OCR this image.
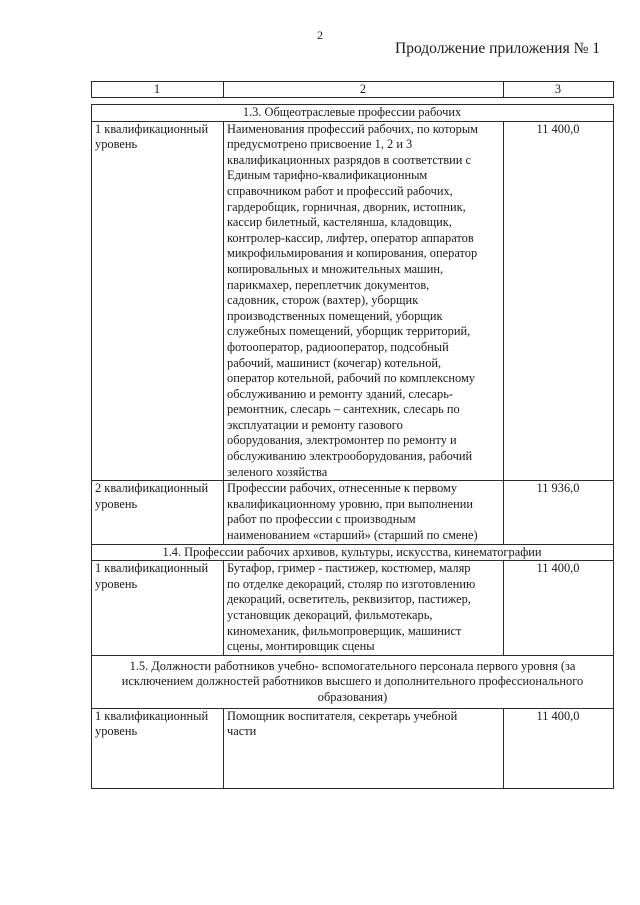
2
Продолжение приложения № 1
1	2	3

1.3. Общеотраслевые профессии рабочих		
1 квалификационный уровень	Наименования профессий рабочих, по которым предусмотрено присвоение 1, 2 и 3 квалификационных разрядов в соответствии с Единым тарифно-квалификационным справочником работ и профессий рабочих, гардеробщик, горничная, дворник, истопник, кассир билетный, кастелянша, кладовщик, контролер-кассир, лифтер, оператор аппаратов микрофильмирования и копирования, оператор копировальных и множительных машин, парикмахер, переплетчик документов, садовник, сторож (вахтер), уборщик производственных помещений, уборщик служебных помещений, уборщик территорий, фотооператор, радиооператор, подсобный рабочий, машинист (кочегар) котельной, оператор котельной, рабочий по комплексному обслуживанию и ремонту зданий, слесарь-ремонтник, слесарь – сантехник, слесарь по эксплуатации и ремонту газового оборудования, электромонтер по ремонту и обслуживанию электрооборудования, рабочий зеленого хозяйства	11 400,0
2 квалификационный уровень	Профессии рабочих, отнесенные к первому квалификационному уровню, при выполнении работ по профессии с производным наименованием «старший» (старший по смене)	11 936,0
1.4. Профессии рабочих архивов, культуры, искусства, кинематографии		
1 квалификационный уровень	Бутафор, гример - пастижер, костюмер, маляр по отделке декораций, столяр по изготовлению декораций, осветитель, реквизитор, пастижер, установщик декораций, фильмотекарь, киномеханик, фильмопроверщик, машинист сцены, монтировщик сцены	11 400,0
1.5. Должности работников учебно- вспомогательного персонала первого уровня (за исключением должностей работников высшего и дополнительного профессионального образования)		
1 квалификационный уровень	Помощник воспитателя, секретарь учебной части	11 400,0
